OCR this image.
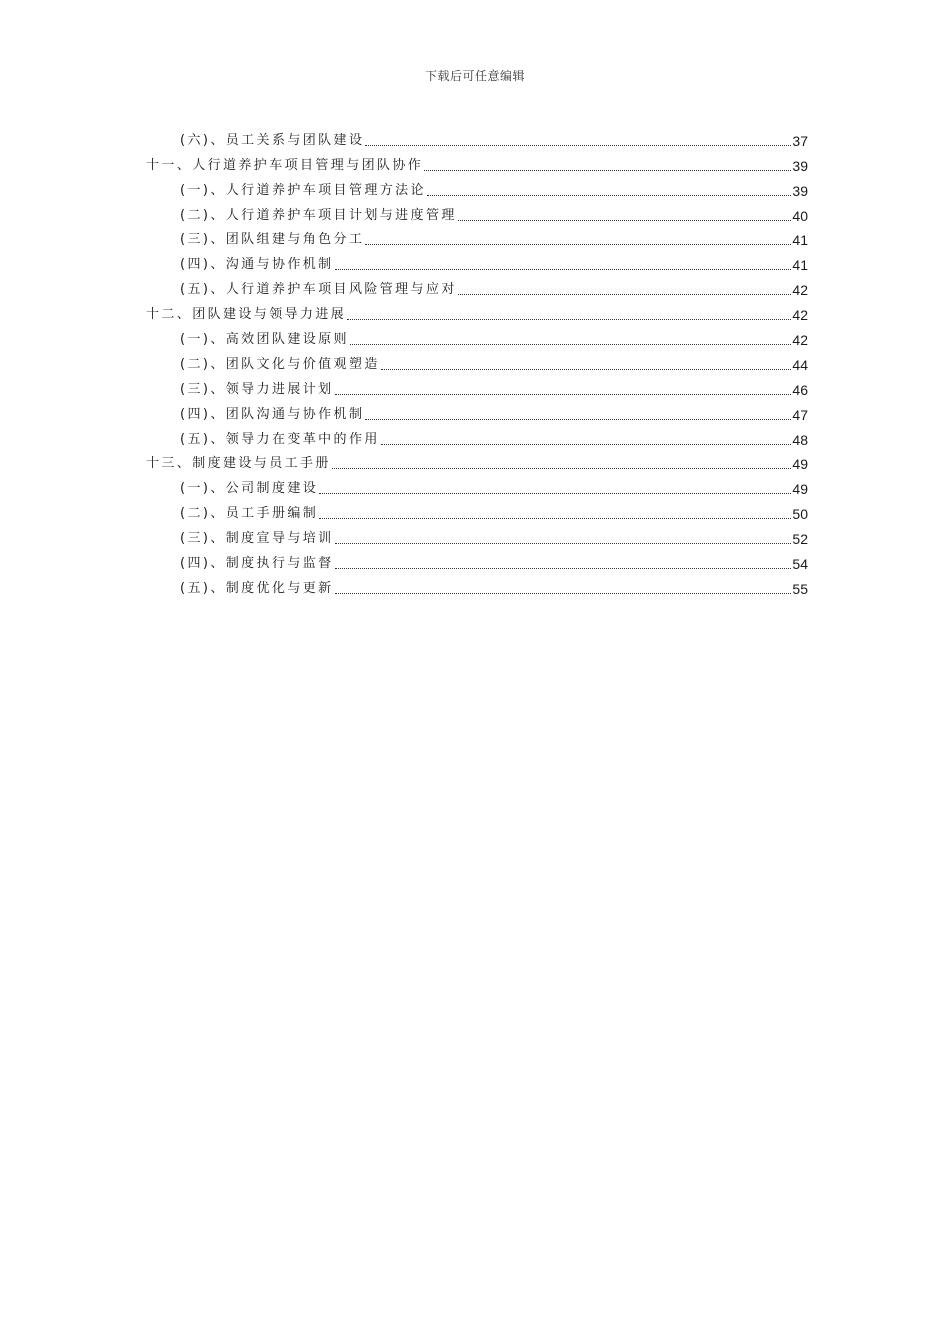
下载后可任意编辑
(六)、员工关系与团队建设	37
十一、人行道养护车项目管理与团队协作	39
(一)、人行道养护车项目管理方法论	39
(二)、人行道养护车项目计划与进度管理	40
(三)、团队组建与角色分工	41
(四)、沟通与协作机制	41
(五)、人行道养护车项目风险管理与应对	42
十二、团队建设与领导力进展	42
(一)、高效团队建设原则	42
(二)、团队文化与价值观塑造	44
(三)、领导力进展计划	46
(四)、团队沟通与协作机制	47
(五)、领导力在变革中的作用	48
十三、制度建设与员工手册	49
(一)、公司制度建设	49
(二)、员工手册编制	50
(三)、制度宣导与培训	52
(四)、制度执行与监督	54
(五)、制度优化与更新	55
